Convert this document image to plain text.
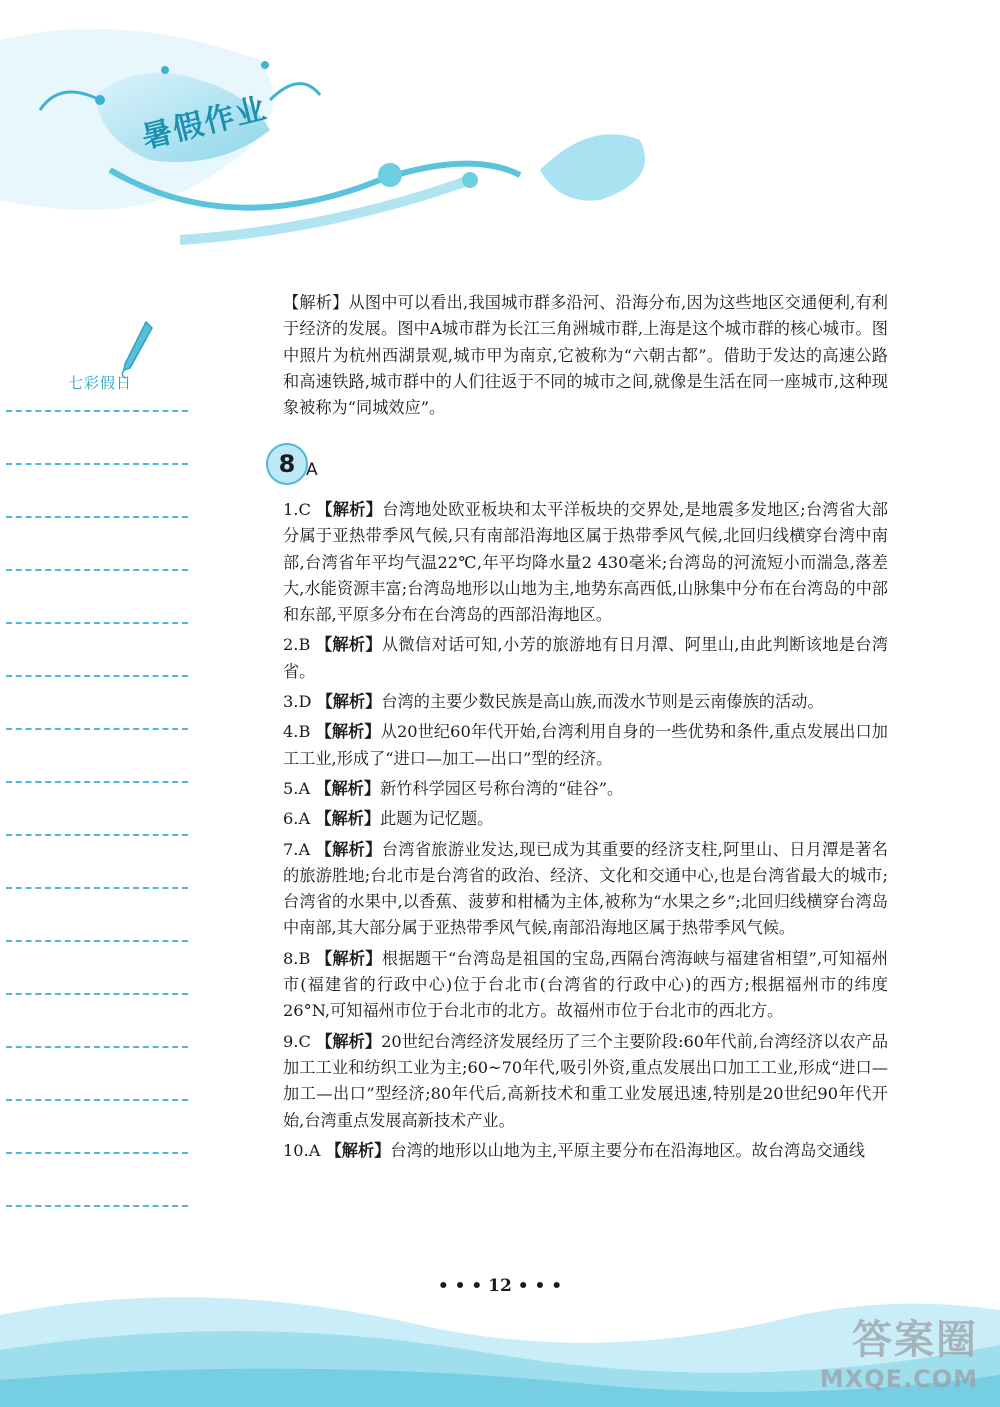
暑假作业
七彩假日

【解析】从图中可以看出,我国城市群多沿河、沿海分布,因为这些地区交通便利,有利于经济的发展。图中A城市群为长江三角洲城市群,上海是这个城市群的核心城市。图中照片为杭州西湖景观,城市甲为南京,它被称为“六朝古都”。借助于发达的高速公路和高速铁路,城市群中的人们往返于不同的城市之间,就像是生活在同一座城市,这种现象被称为“同城效应”。

8 A
1.C 【解析】台湾地处欧亚板块和太平洋板块的交界处,是地震多发地区;台湾省大部分属于亚热带季风气候,只有南部沿海地区属于热带季风气候,北回归线横穿台湾中南部,台湾省年平均气温22℃,年平均降水量2 430毫米;台湾岛的河流短小而湍急,落差大,水能资源丰富;台湾岛地形以山地为主,地势东高西低,山脉集中分布在台湾岛的中部和东部,平原多分布在台湾岛的西部沿海地区。
2.B 【解析】从微信对话可知,小芳的旅游地有日月潭、阿里山,由此判断该地是台湾省。
3.D 【解析】台湾的主要少数民族是高山族,而泼水节则是云南傣族的活动。
4.B 【解析】从20世纪60年代开始,台湾利用自身的一些优势和条件,重点发展出口加工工业,形成了“进口—加工—出口”型的经济。
5.A 【解析】新竹科学园区号称台湾的“硅谷”。
6.A 【解析】此题为记忆题。
7.A 【解析】台湾省旅游业发达,现已成为其重要的经济支柱,阿里山、日月潭是著名的旅游胜地;台北市是台湾省的政治、经济、文化和交通中心,也是台湾省最大的城市;台湾省的水果中,以香蕉、菠萝和柑橘为主体,被称为“水果之乡”;北回归线横穿台湾岛中南部,其大部分属于亚热带季风气候,南部沿海地区属于热带季风气候。
8.B 【解析】根据题干“台湾岛是祖国的宝岛,西隔台湾海峡与福建省相望”,可知福州市(福建省的行政中心)位于台北市(台湾省的行政中心)的西方;根据福州市的纬度26°N,可知福州市位于台北市的北方。故福州市位于台北市的西北方。
9.C 【解析】20世纪台湾经济发展经历了三个主要阶段:60年代前,台湾经济以农产品加工工业和纺织工业为主;60~70年代,吸引外资,重点发展出口加工工业,形成“进口—加工—出口”型经济;80年代后,高新技术和重工业发展迅速,特别是20世纪90年代开始,台湾重点发展高新技术产业。
10.A 【解析】台湾的地形以山地为主,平原主要分布在沿海地区。故台湾岛交通线
• • • 12 • • •
答案圈
MXQE.COM
